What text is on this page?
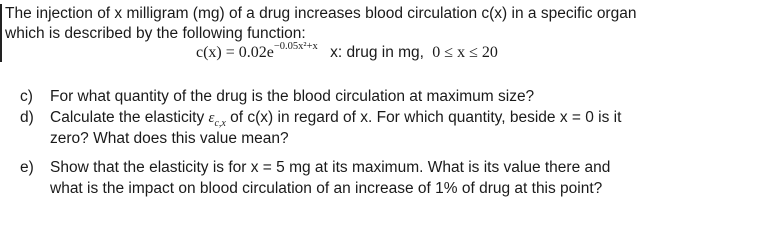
The injection of x milligram (mg) of a drug increases blood circulation c(x) in a specific organ
which is described by the following function:
$c(x) = 0.02e^{-0.05x^2+x}$ x: drug in mg, 0 ≤ x ≤ 20
c) For what quantity of the drug is the blood circulation at maximum size?
d) Calculate the elasticity $\varepsilon_{c,x}$ of c(x) in regard of x. For which quantity, beside x = 0 is it
zero? What does this value mean?
e) Show that the elasticity is for x = 5 mg at its maximum. What is its value there and
what is the impact on blood circulation of an increase of 1% of drug at this point?
